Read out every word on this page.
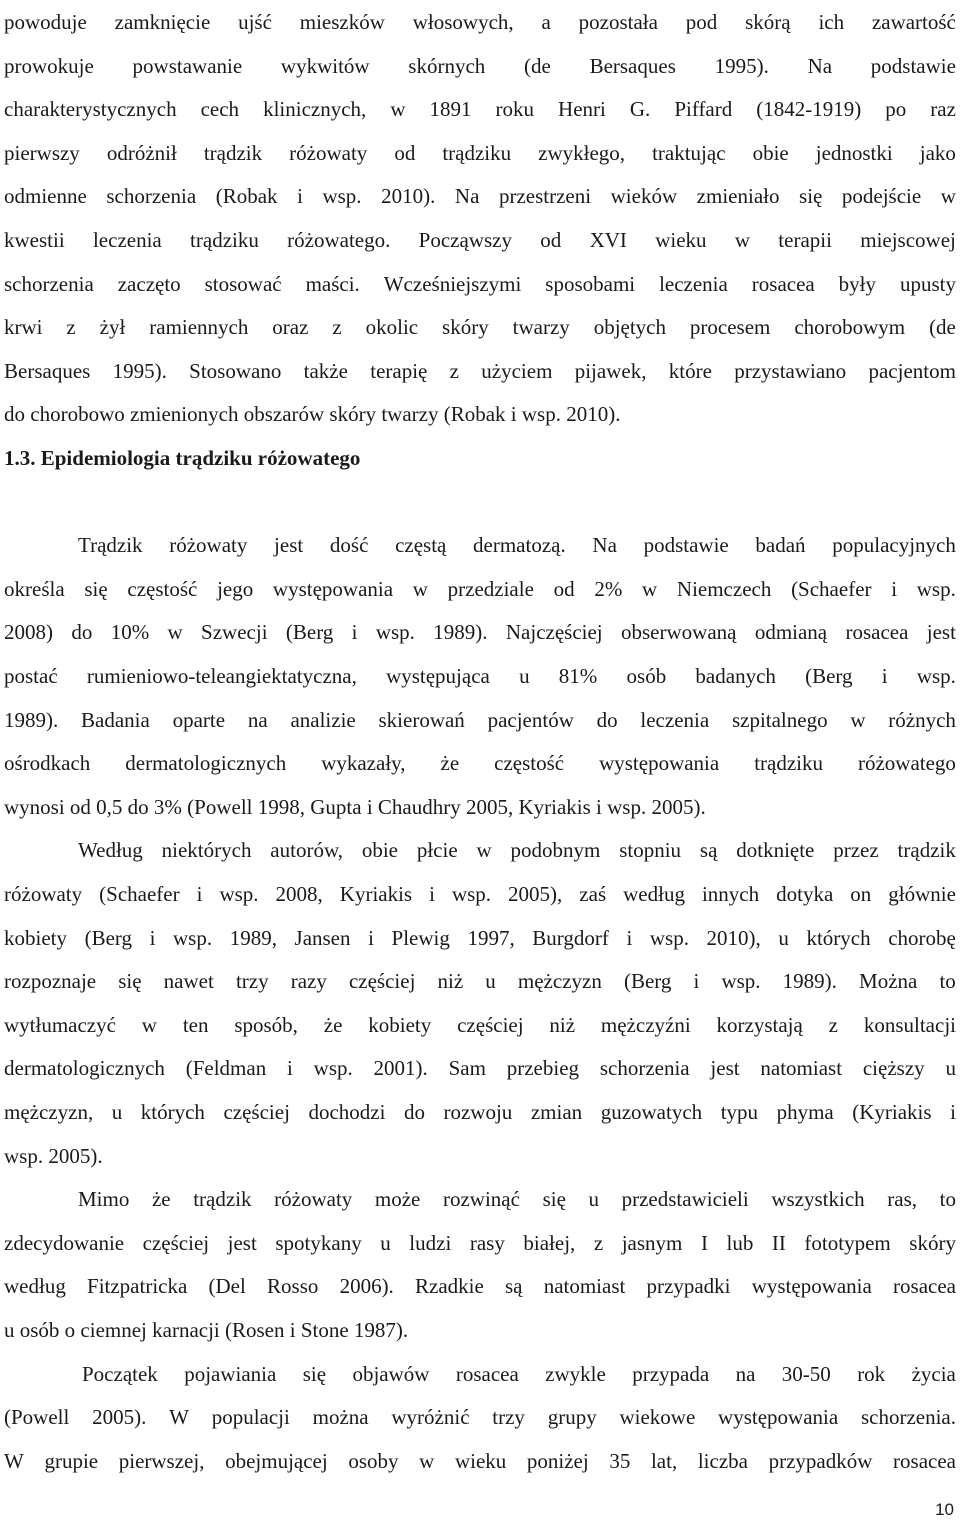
powoduje zamknięcie ujść mieszków włosowych, a pozostała pod skórą ich zawartość
prowokuje powstawanie wykwitów skórnych (de Bersaques 1995). Na podstawie
charakterystycznych cech klinicznych, w 1891 roku Henri G. Piffard (1842-1919) po raz
pierwszy odróżnił trądzik różowaty od trądziku zwykłego, traktując obie jednostki jako
odmienne schorzenia (Robak i wsp. 2010). Na przestrzeni wieków zmieniało się podejście w
kwestii leczenia trądziku różowatego. Począwszy od XVI wieku w terapii miejscowej
schorzenia zaczęto stosować maści. Wcześniejszymi sposobami leczenia rosacea były upusty
krwi z żył ramiennych oraz z okolic skóry twarzy objętych procesem chorobowym (de
Bersaques 1995). Stosowano także terapię z użyciem pijawek, które przystawiano pacjentom
do chorobowo zmienionych obszarów skóry twarzy (Robak i wsp. 2010).
1.3. Epidemiologia trądziku różowatego
Trądzik różowaty jest dość częstą dermatozą. Na podstawie badań populacyjnych
określa się częstość jego występowania w przedziale od 2% w Niemczech (Schaefer i wsp.
2008) do 10% w Szwecji (Berg i wsp. 1989). Najczęściej obserwowaną odmianą rosacea jest
postać rumieniowo-teleangiektatyczna, występująca u 81% osób badanych (Berg i wsp.
1989). Badania oparte na analizie skierowań pacjentów do leczenia szpitalnego w różnych
ośrodkach dermatologicznych wykazały, że częstość występowania trądziku różowatego
wynosi od 0,5 do 3% (Powell 1998, Gupta i Chaudhry 2005, Kyriakis i wsp. 2005).
Według niektórych autorów, obie płcie w podobnym stopniu są dotknięte przez trądzik
różowaty (Schaefer i wsp. 2008, Kyriakis i wsp. 2005), zaś według innych dotyka on głównie
kobiety (Berg i wsp. 1989, Jansen i Plewig 1997, Burgdorf i wsp. 2010), u których chorobę
rozpoznaje się nawet trzy razy częściej niż u mężczyzn (Berg i wsp. 1989). Można to
wytłumaczyć w ten sposób, że kobiety częściej niż mężczyźni korzystają z konsultacji
dermatologicznych (Feldman i wsp. 2001). Sam przebieg schorzenia jest natomiast cięższy u
mężczyzn, u których częściej dochodzi do rozwoju zmian guzowatych typu phyma (Kyriakis i
wsp. 2005).
Mimo że trądzik różowaty może rozwinąć się u przedstawicieli wszystkich ras, to
zdecydowanie częściej jest spotykany u ludzi rasy białej, z jasnym I lub II fototypem skóry
według Fitzpatricka (Del Rosso 2006). Rzadkie są natomiast przypadki występowania rosacea
u osób o ciemnej karnacji (Rosen i Stone 1987).
Początek pojawiania się objawów rosacea zwykle przypada na 30-50 rok życia
(Powell 2005). W populacji można wyróżnić trzy grupy wiekowe występowania schorzenia.
W grupie pierwszej, obejmującej osoby w wieku poniżej 35 lat, liczba przypadków rosacea
10
